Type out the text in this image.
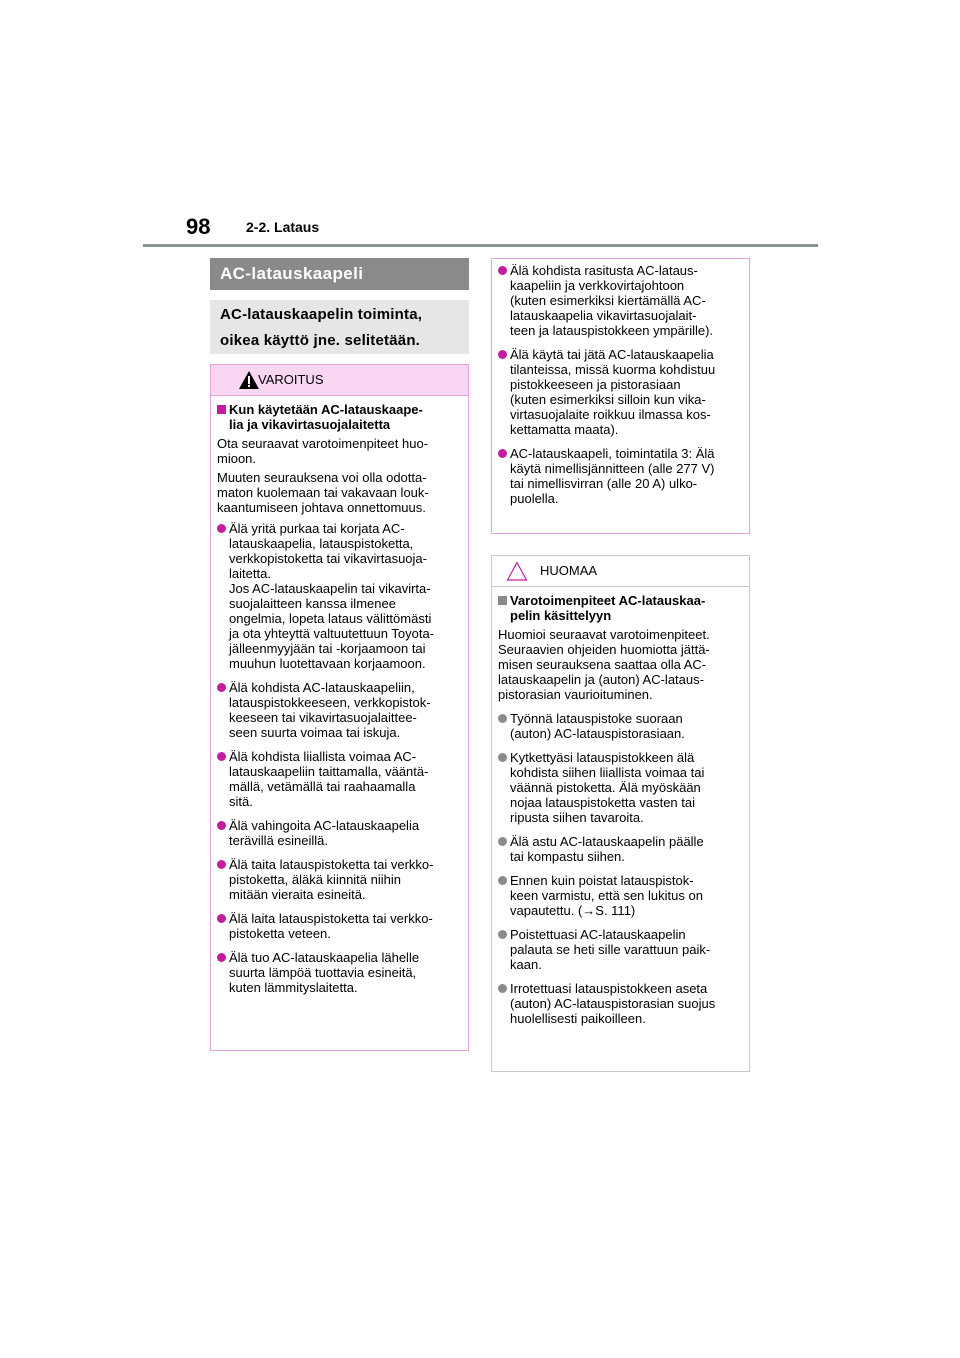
98	2-2. Lataus
AC-latauskaapeli
AC-latauskaapelin toiminta,
oikea käyttö jne. selitetään.
VAROITUS
Kun käytetään AC-latauskaape-
lia ja vikavirtasuojalaitetta
Ota seuraavat varotoimenpiteet huo-
mioon.
Muuten seurauksena voi olla odotta-
maton kuolemaan tai vakavaan louk-
kaantumiseen johtava onnettomuus.
Älä yritä purkaa tai korjata AC-
latauskaapelia, latauspistoketta,
verkkopistoketta tai vikavirtasuoja-
laitetta.
Jos AC-latauskaapelin tai vikavirta-
suojalaitteen kanssa ilmenee
ongelmia, lopeta lataus välittömästi
ja ota yhteyttä valtuutettuun Toyota-
jälleenmyyjään tai -korjaamoon tai
muuhun luotettavaan korjaamoon.
Älä kohdista AC-latauskaapeliin,
latauspistokkeeseen, verkkopistok-
keeseen tai vikavirtasuojalaittee-
seen suurta voimaa tai iskuja.
Älä kohdista liiallista voimaa AC-
latauskaapeliin taittamalla, vääntä-
mällä, vetämällä tai raahaamalla
sitä.
Älä vahingoita AC-latauskaapelia
terävillä esineillä.
Älä taita latauspistoketta tai verkko-
pistoketta, äläkä kiinnitä niihin
mitään vieraita esineitä.
Älä laita latauspistoketta tai verkko-
pistoketta veteen.
Älä tuo AC-latauskaapelia lähelle
suurta lämpöä tuottavia esineitä,
kuten lämmityslaitetta.
Älä kohdista rasitusta AC-lataus-
kaapeliin ja verkkovirtajohtoon
(kuten esimerkiksi kiertämällä AC-
latauskaapelia vikavirtasuojalait-
teen ja latauspistokkeen ympärille).
Älä käytä tai jätä AC-latauskaapelia
tilanteissa, missä kuorma kohdistuu
pistokkeeseen ja pistorasiaan
(kuten esimerkiksi silloin kun vika-
virtasuojalaite roikkuu ilmassa kos-
kettamatta maata).
AC-latauskaapeli, toimintatila 3: Älä
käytä nimellisjännitteen (alle 277 V)
tai nimellisvirran (alle 20 A) ulko-
puolella.
HUOMAA
Varotoimenpiteet AC-latauskaa-
pelin käsittelyyn
Huomioi seuraavat varotoimenpiteet.
Seuraavien ohjeiden huomiotta jättä-
misen seurauksena saattaa olla AC-
latauskaapelin ja (auton) AC-lataus-
pistorasian vaurioituminen.
Työnnä latauspistoke suoraan
(auton) AC-latauspistorasiaan.
Kytkettyäsi latauspistokkeen älä
kohdista siihen liiallista voimaa tai
väännä pistoketta. Älä myöskään
nojaa latauspistoketta vasten tai
ripusta siihen tavaroita.
Älä astu AC-latauskaapelin päälle
tai kompastu siihen.
Ennen kuin poistat latauspistok-
keen varmistu, että sen lukitus on
vapautettu. (→S. 111)
Poistettuasi AC-latauskaapelin
palauta se heti sille varattuun paik-
kaan.
Irrotettuasi latauspistokkeen aseta
(auton) AC-latauspistorasian suojus
huolellisesti paikoilleen.
